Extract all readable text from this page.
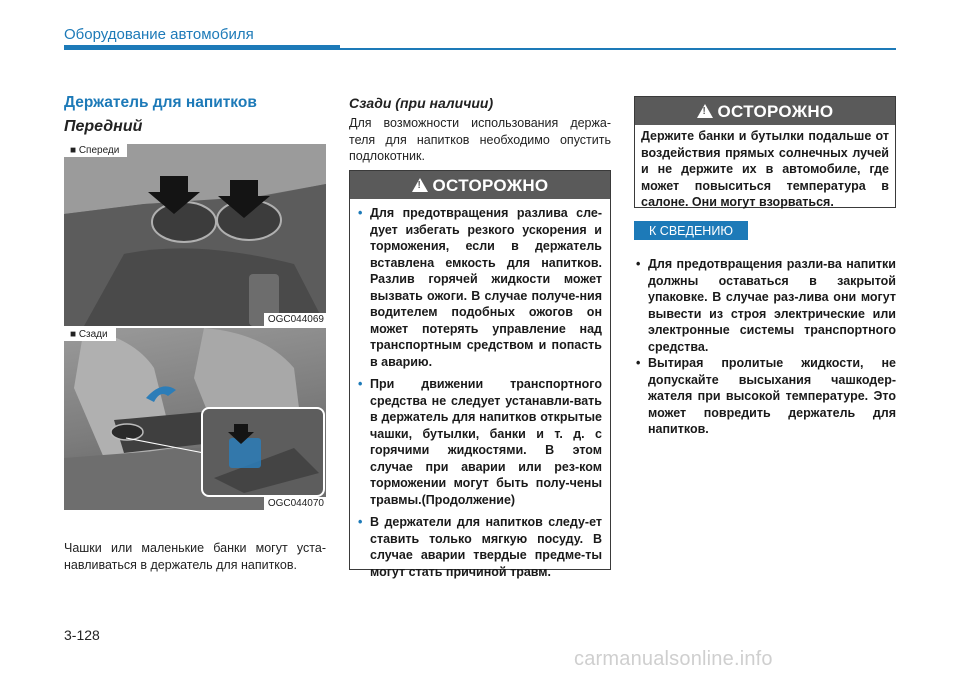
Оборудование автомобиля
Держатель для напитков
Передний
■ Спереди
OGC044069
■ Сзади
OGC044070
Чашки или маленькие банки могут уста-навливаться в держатель для напитков.
Сзади (при наличии)
Для возможности использования держа-теля для напитков необходимо опустить подлокотник.
!ОСТОРОЖНО
• Для предотвращения разлива сле-дует избегать резкого ускорения и торможения, если в держатель вставлена емкость для напитков. Разлив горячей жидкости может вызвать ожоги. В случае получе-ния водителем подобных ожогов он может потерять управление над транспортным средством и попасть в аварию.
• При движении транспортного средства не следует устанавли-вать в держатель для напитков открытые чашки, бутылки, банки и т. д. с горячими жидкостями. В этом случае при аварии или рез-ком торможении могут быть полу-чены травмы.(Продолжение)
• В держатели для напитков следу-ет ставить только мягкую посуду. В случае аварии твердые предме-ты могут стать причиной травм.
!ОСТОРОЖНО
Держите банки и бутылки подальше от воздействия прямых солнечных лучей и не держите их в автомобиле, где может повыситься температура в салоне. Они могут взорваться.
К СВЕДЕНИЮ
• Для предотвращения разли-ва напитки должны оставаться в закрытой упаковке. В случае раз-лива они могут вывести из строя электрические или электронные системы транспортного средства.
• Вытирая пролитые жидкости, не допускайте высыхания чашкодер-жателя при высокой температуре. Это может повредить держатель для напитков.
3-128
carmanualsonline.info
